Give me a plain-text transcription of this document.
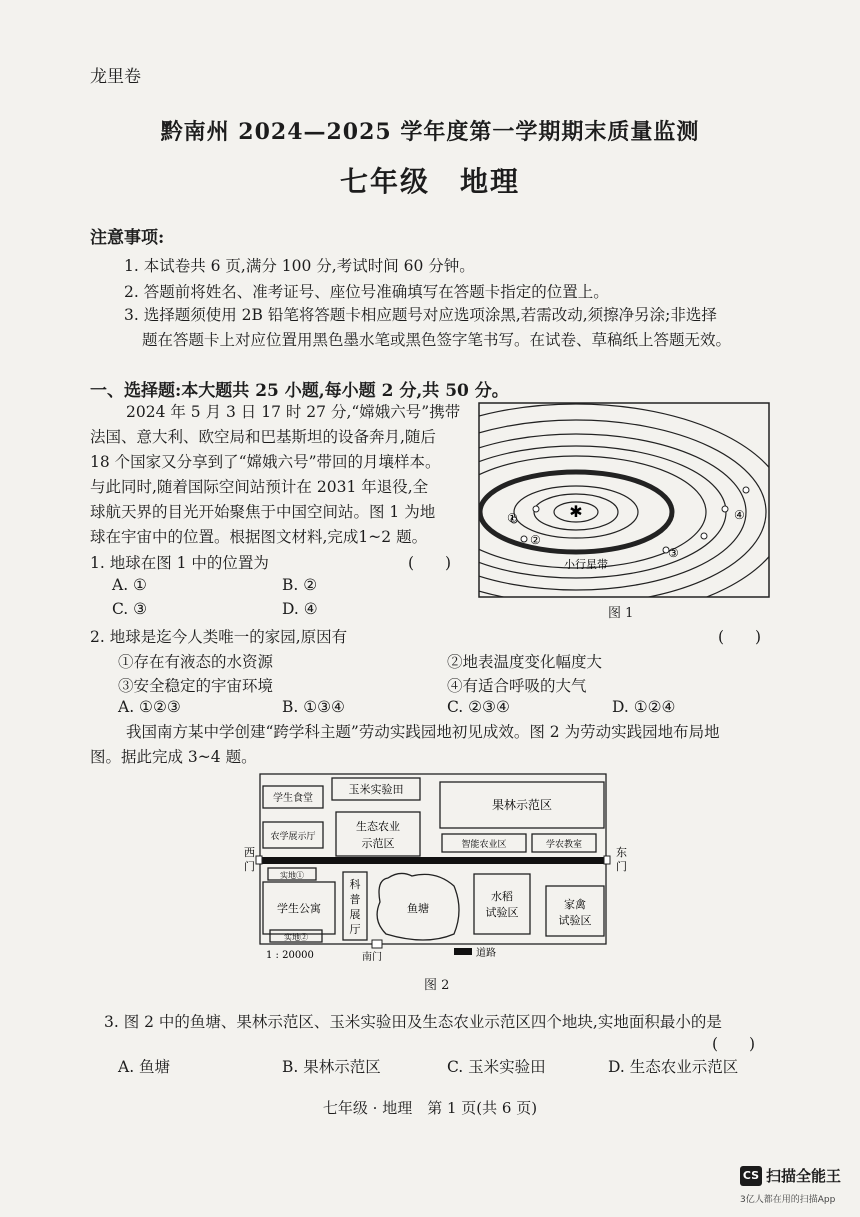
龙里卷
黔南州 2024—2025 学年度第一学期期末质量监测
七年级　地理
注意事项:
1. 本试卷共 6 页,满分 100 分,考试时间 60 分钟。
2. 答题前将姓名、准考证号、座位号准确填写在答题卡指定的位置上。
3. 选择题须使用 2B 铅笔将答题卡相应题号对应选项涂黑,若需改动,须擦净另涂;非选择
题在答题卡上对应位置用黑色墨水笔或黑色签字笔书写。在试卷、草稿纸上答题无效。
一、选择题:本大题共 25 小题,每小题 2 分,共 50 分。
2024 年 5 月 3 日 17 时 27 分,“嫦娥六号”携带
法国、意大利、欧空局和巴基斯坦的设备奔月,随后
18 个国家又分享到了“嫦娥六号”带回的月壤样本。
与此同时,随着国际空间站预计在 2031 年退役,全
球航天界的目光开始聚焦于中国空间站。图 1 为地
球在宇宙中的位置。根据图文材料,完成1~2 题。
1. 地球在图 1 中的位置为	(　　)
A. ①	B. ②
C. ③	D. ④
✱
①
②
③
④
小行星带
图 1
2. 地球是迄今人类唯一的家园,原因有	(　　)
①存在有液态的水资源	②地表温度变化幅度大
③安全稳定的宇宙环境	④有适合呼吸的大气
A. ①②③	B. ①③④	C. ②③④	D. ①②④
我国南方某中学创建“跨学科主题”劳动实践园地初见成效。图 2 为劳动实践园地布局地
图。据此完成 3~4 题。
学生食堂
玉米实验田
果林示范区
农学展示厅
生态农业
示范区	智能农业区	学农教室
实地①
学生公寓
科
普
展
厅
鱼塘
水稻
试验区
家禽
试验区
实地②
西
门
东
门
南门
1 : 20000	道路
图 2
3. 图 2 中的鱼塘、果林示范区、玉米实验田及生态农业示范区四个地块,实地面积最小的是
(　　)
A. 鱼塘	B. 果林示范区	C. 玉米实验田	D. 生态农业示范区
七年级 · 地理　第 1 页(共 6 页)
CS 扫描全能王
3亿人都在用的扫描App
